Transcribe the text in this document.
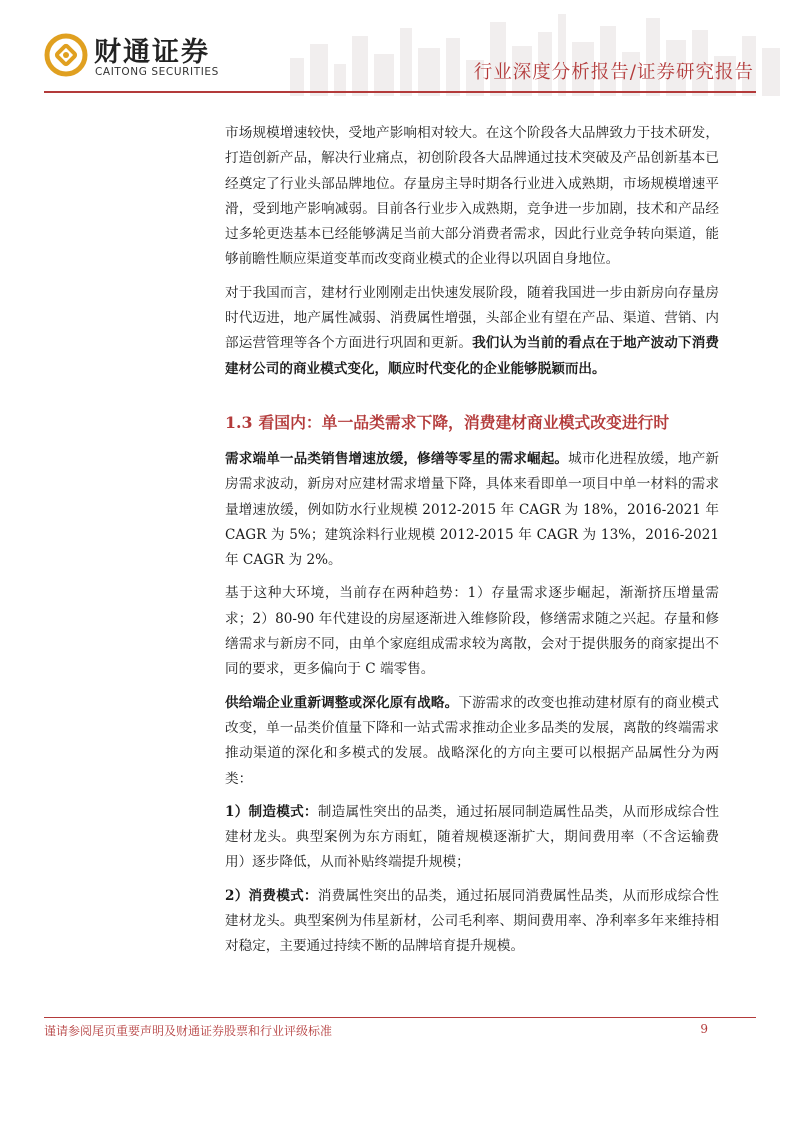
财通证券
CAITONG SECURITIES	行业深度分析报告/证券研究报告

市场规模增速较快，受地产影响相对较大。在这个阶段各大品牌致力于技术研发，打造创新产品，解决行业痛点，初创阶段各大品牌通过技术突破及产品创新基本已经奠定了行业头部品牌地位。存量房主导时期各行业进入成熟期，市场规模增速平滑，受到地产影响减弱。目前各行业步入成熟期，竞争进一步加剧，技术和产品经过多轮更迭基本已经能够满足当前大部分消费者需求，因此行业竞争转向渠道，能够前瞻性顺应渠道变革而改变商业模式的企业得以巩固自身地位。

对于我国而言，建材行业刚刚走出快速发展阶段，随着我国进一步由新房向存量房时代迈进，地产属性减弱、消费属性增强，头部企业有望在产品、渠道、营销、内部运营管理等各个方面进行巩固和更新。我们认为当前的看点在于地产波动下消费建材公司的商业模式变化，顺应时代变化的企业能够脱颖而出。

1.3 看国内：单一品类需求下降，消费建材商业模式改变进行时

需求端单一品类销售增速放缓，修缮等零星的需求崛起。城市化进程放缓，地产新房需求波动，新房对应建材需求增量下降，具体来看即单一项目中单一材料的需求量增速放缓，例如防水行业规模 2012-2015 年 CAGR 为 18%，2016-2021 年 CAGR 为 5%；建筑涂料行业规模 2012-2015 年 CAGR 为 13%，2016-2021 年 CAGR 为 2%。

基于这种大环境，当前存在两种趋势：1）存量需求逐步崛起，渐渐挤压增量需求；2）80-90 年代建设的房屋逐渐进入维修阶段，修缮需求随之兴起。存量和修缮需求与新房不同，由单个家庭组成需求较为离散，会对于提供服务的商家提出不同的要求，更多偏向于 C 端零售。

供给端企业重新调整或深化原有战略。下游需求的改变也推动建材原有的商业模式改变，单一品类价值量下降和一站式需求推动企业多品类的发展，离散的终端需求推动渠道的深化和多模式的发展。战略深化的方向主要可以根据产品属性分为两类：

1）制造模式：制造属性突出的品类，通过拓展同制造属性品类，从而形成综合性建材龙头。典型案例为东方雨虹，随着规模逐渐扩大，期间费用率（不含运输费用）逐步降低，从而补贴终端提升规模；

2）消费模式：消费属性突出的品类，通过拓展同消费属性品类，从而形成综合性建材龙头。典型案例为伟星新材，公司毛利率、期间费用率、净利率多年来维持相对稳定，主要通过持续不断的品牌培育提升规模。

谨请参阅尾页重要声明及财通证券股票和行业评级标准	9
